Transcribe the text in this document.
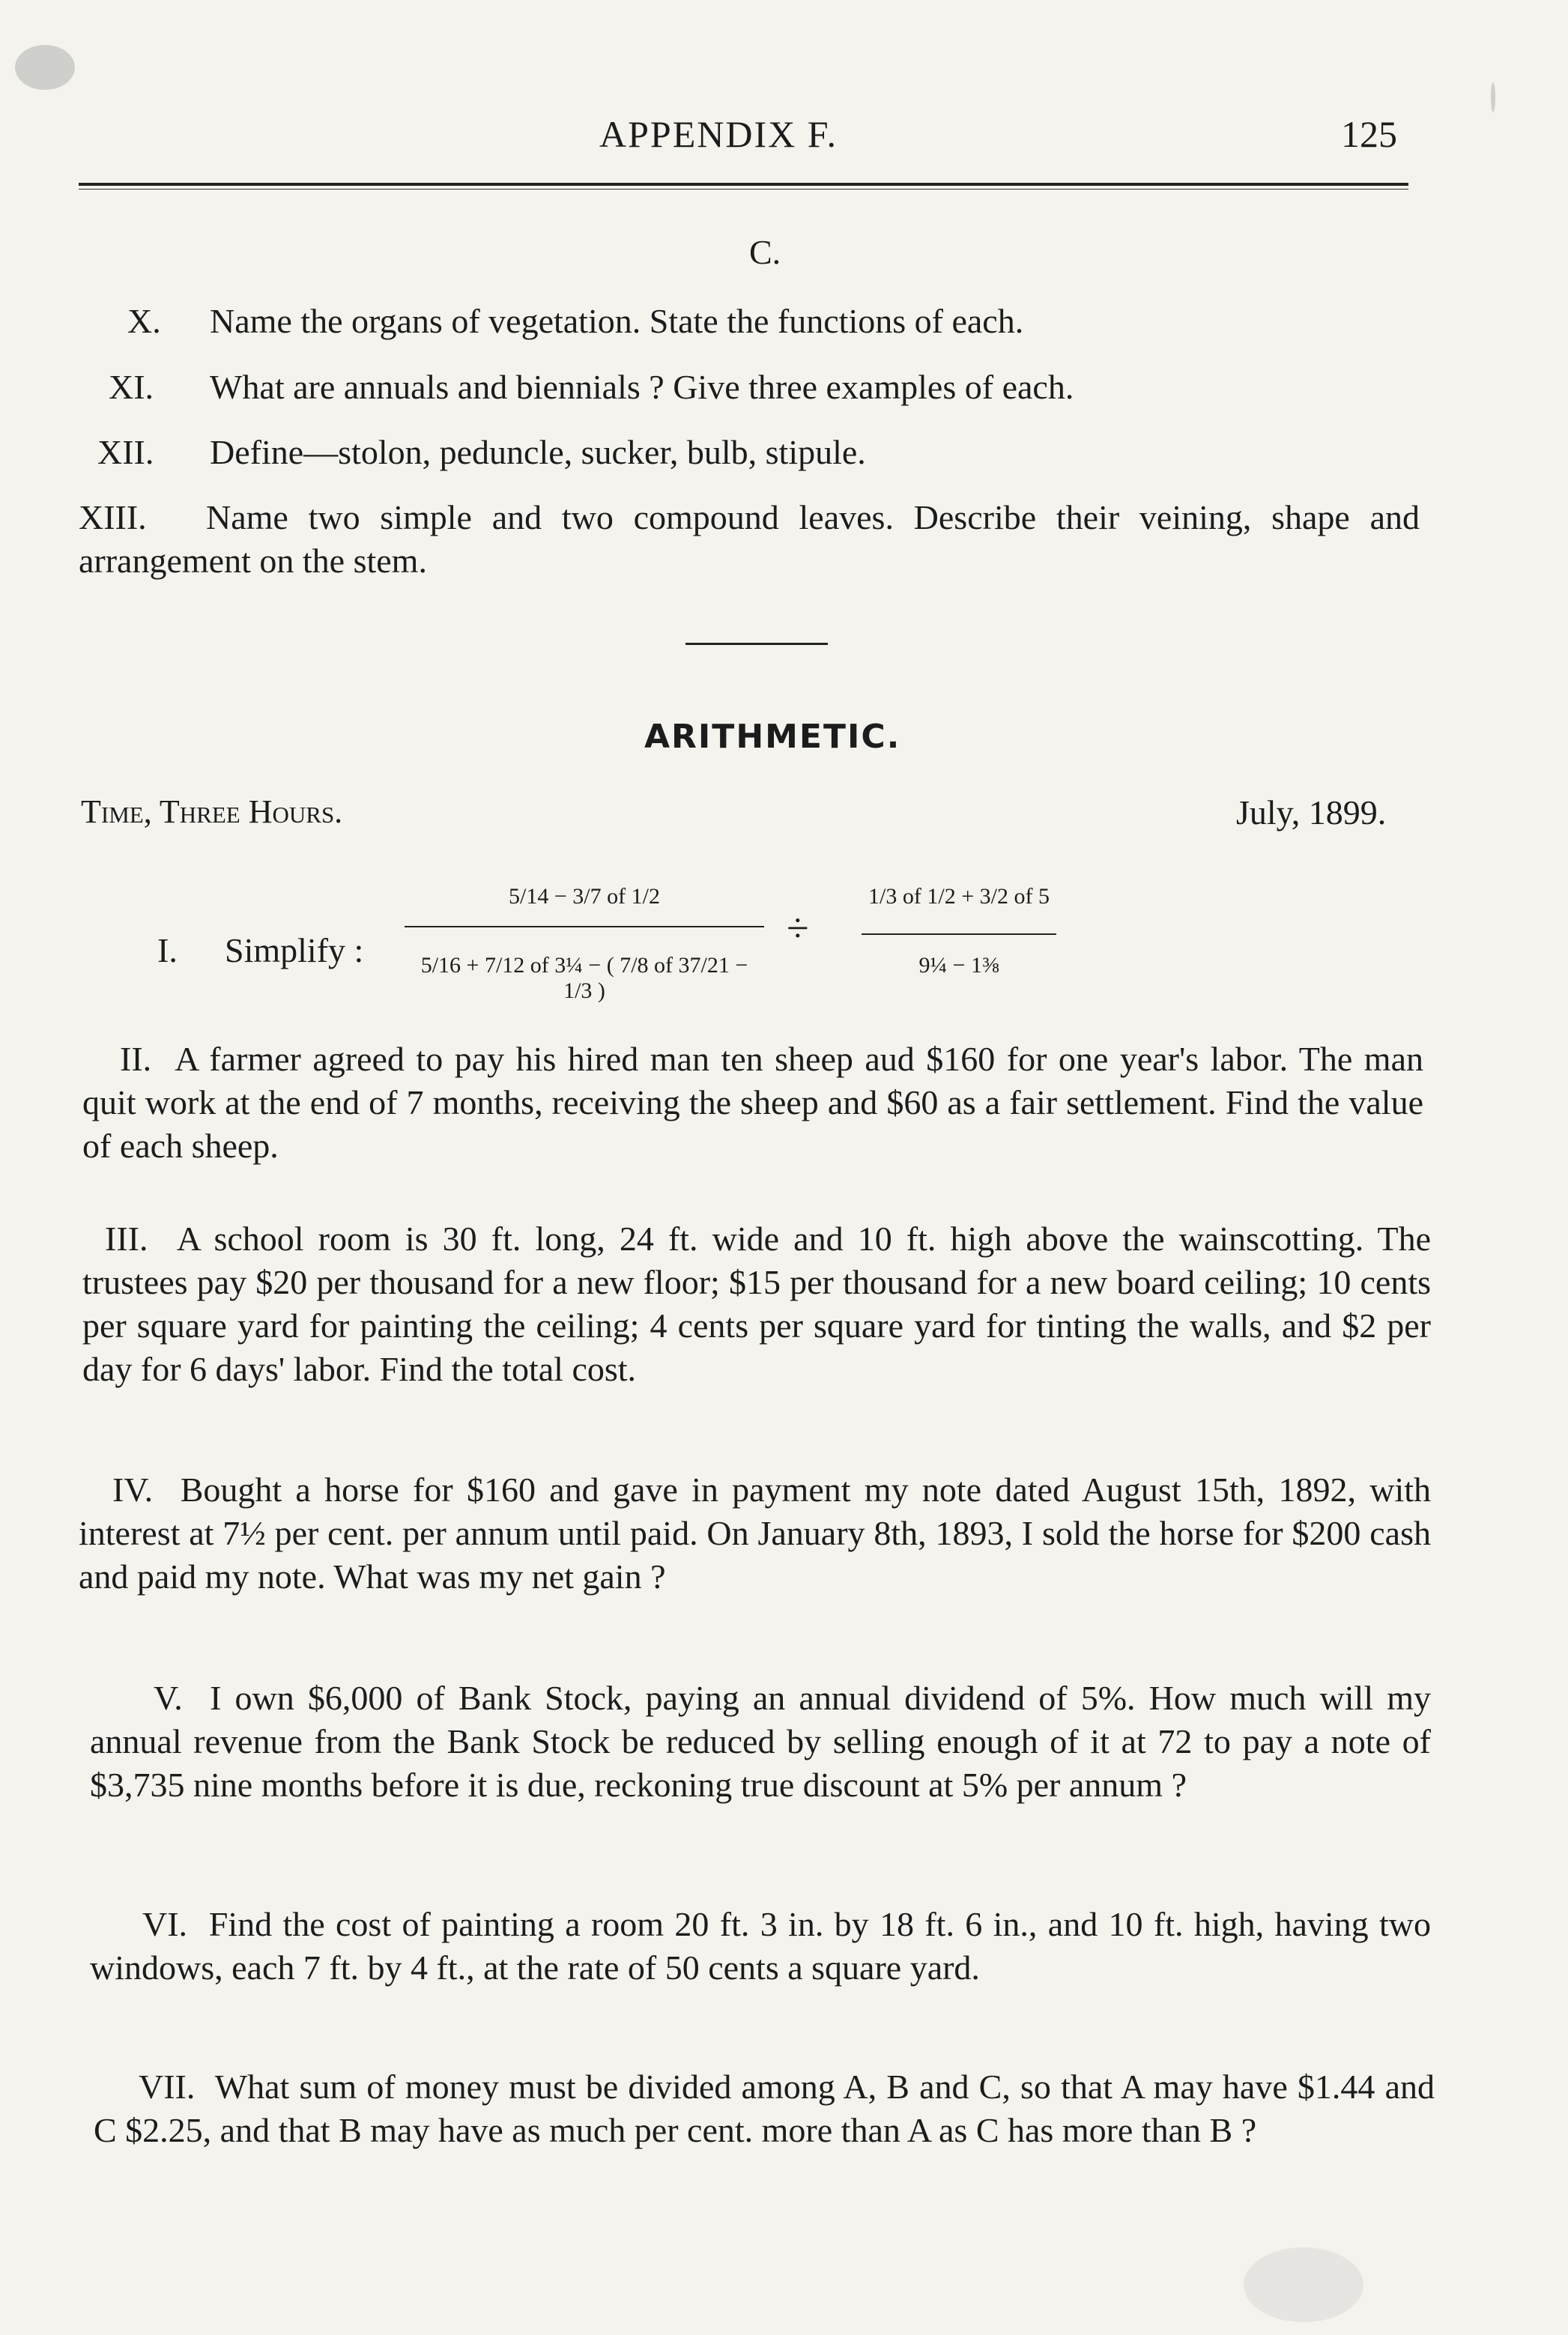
APPENDIX F.	125
C.
X. Name the organs of vegetation. State the functions of each.
XI. What are annuals and biennials ? Give three examples of each.
XII. Define—stolon, peduncle, sucker, bulb, stipule.
XIII. Name two simple and two compound leaves. Describe their veining, shape and arrangement on the stem.
ARITHMETIC.
Time, Three Hours.	July, 1899.
I. Simplify :
5/14 − 3/7 of 1/2
5/16 + 7/12 of 3¼ − ( 7/8 of 37/21 − 1/3 )
÷
1/3 of 1/2 + 3/2 of 5
9¼ − 1⅜
II. A farmer agreed to pay his hired man ten sheep aud $160 for one year's labor. The man quit work at the end of 7 months, receiving the sheep and $60 as a fair settlement. Find the value of each sheep.
III. A school room is 30 ft. long, 24 ft. wide and 10 ft. high above the wainscotting. The trustees pay $20 per thousand for a new floor; $15 per thousand for a new board ceiling; 10 cents per square yard for painting the ceiling; 4 cents per square yard for tinting the walls, and $2 per day for 6 days' labor. Find the total cost.
IV. Bought a horse for $160 and gave in payment my note dated August 15th, 1892, with interest at 7½ per cent. per annum until paid. On January 8th, 1893, I sold the horse for $200 cash and paid my note. What was my net gain ?
V. I own $6,000 of Bank Stock, paying an annual dividend of 5%. How much will my annual revenue from the Bank Stock be reduced by selling enough of it at 72 to pay a note of $3,735 nine months before it is due, reckoning true discount at 5% per annum ?
VI. Find the cost of painting a room 20 ft. 3 in. by 18 ft. 6 in., and 10 ft. high, having two windows, each 7 ft. by 4 ft., at the rate of 50 cents a square yard.
VII. What sum of money must be divided among A, B and C, so that A may have $1.44 and C $2.25, and that B may have as much per cent. more than A as C has more than B ?
